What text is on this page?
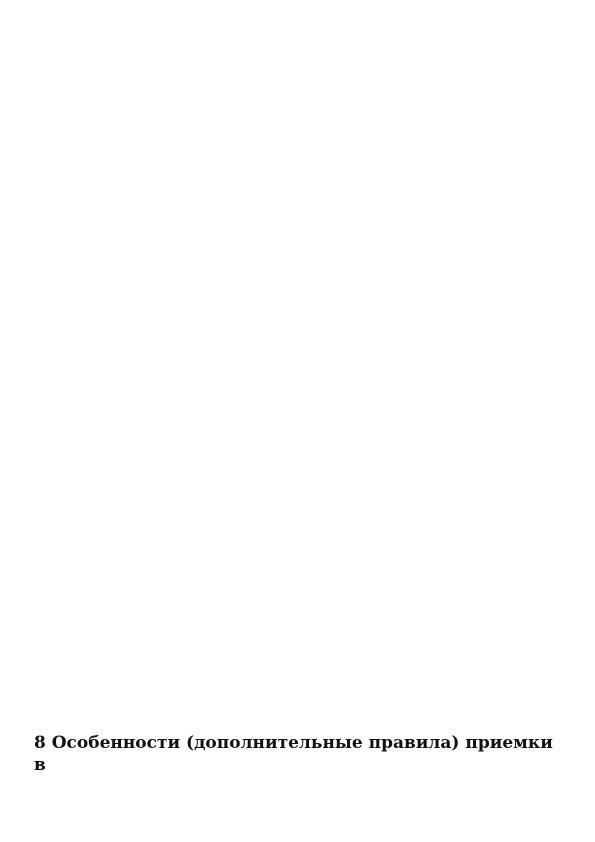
8 Особенности (дополнительные правила) приемки в
